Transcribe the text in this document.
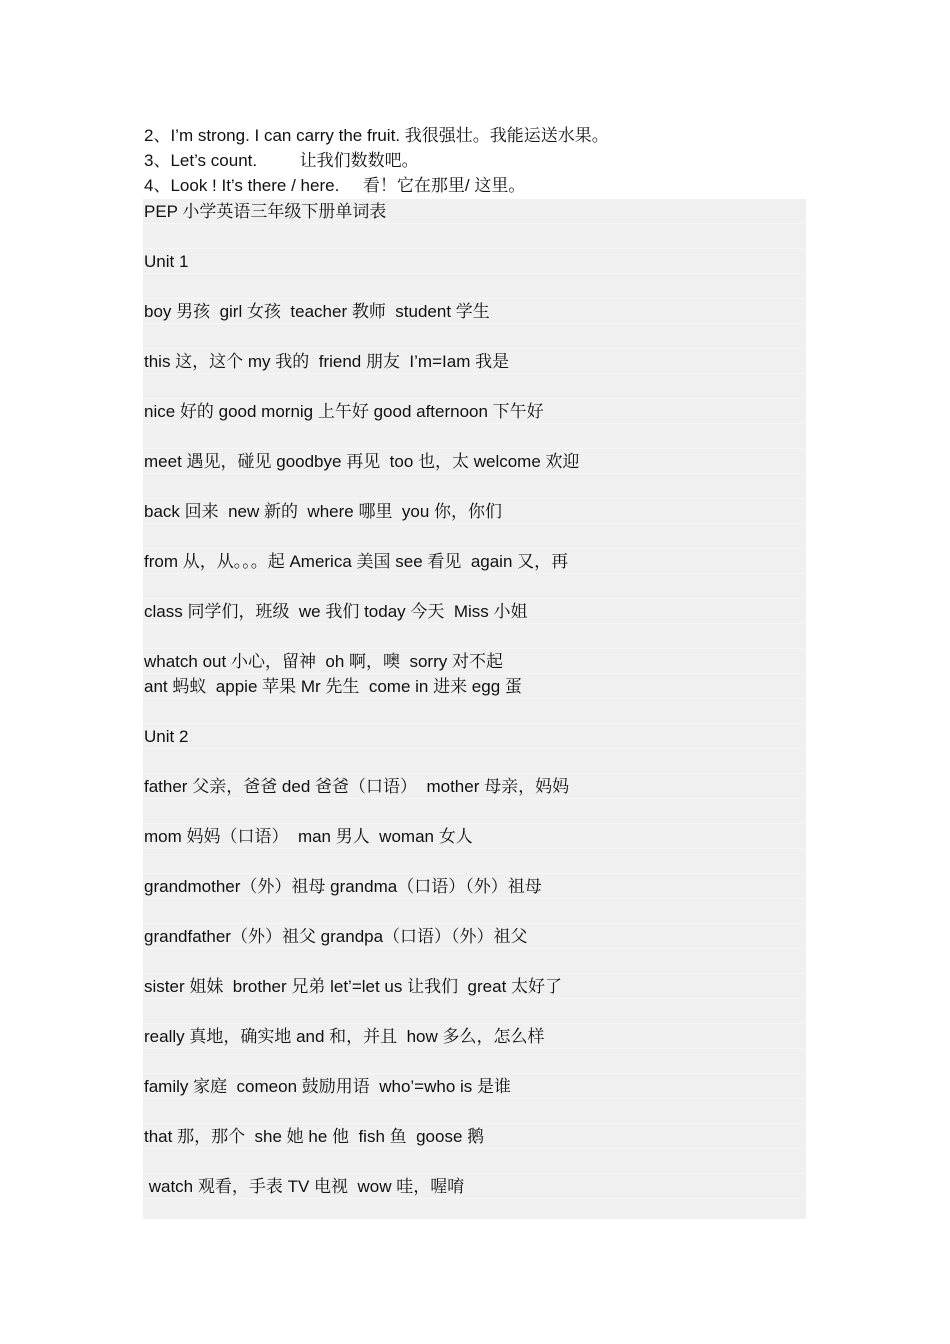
2、I’m strong. I can carry the fruit. 我很强壮。我能运送水果。
3、Let’s count.         让我们数数吧。
4、Look ! It’s there / here.     看！它在那里/ 这里。
PEP 小学英语三年级下册单词表
Unit 1
boy 男孩  girl 女孩  teacher 教师  student 学生
this 这，这个 my 我的  friend 朋友  I’m=Iam 我是
nice 好的 good mornig 上午好 good afternoon 下午好
meet 遇见，碰见 goodbye 再见  too 也，太 welcome 欢迎
back 回来  new 新的  where 哪里  you 你，你们
from 从，从。。。起 America 美国 see 看见  again 又，再
class 同学们，班级  we 我们 today 今天  Miss 小姐
whatch out 小心，留神  oh 啊，噢  sorry 对不起
ant 蚂蚁  appie 苹果 Mr 先生  come in 进来 egg 蛋
Unit 2
father 父亲，爸爸 ded 爸爸（口语）  mother 母亲，妈妈
mom 妈妈（口语）  man 男人  woman 女人
grandmother（外）祖母 grandma（口语）（外）祖母
grandfather（外）祖父 grandpa（口语）（外）祖父
sister 姐妹  brother 兄弟 let’=let us 让我们  great 太好了
really 真地，确实地 and 和，并且  how 多么，怎么样
family 家庭  comeon 鼓励用语  who’=who is 是谁
that 那，那个  she 她 he 他  fish 鱼  goose 鹅
watch 观看，手表 TV 电视  wow 哇，喔唷
